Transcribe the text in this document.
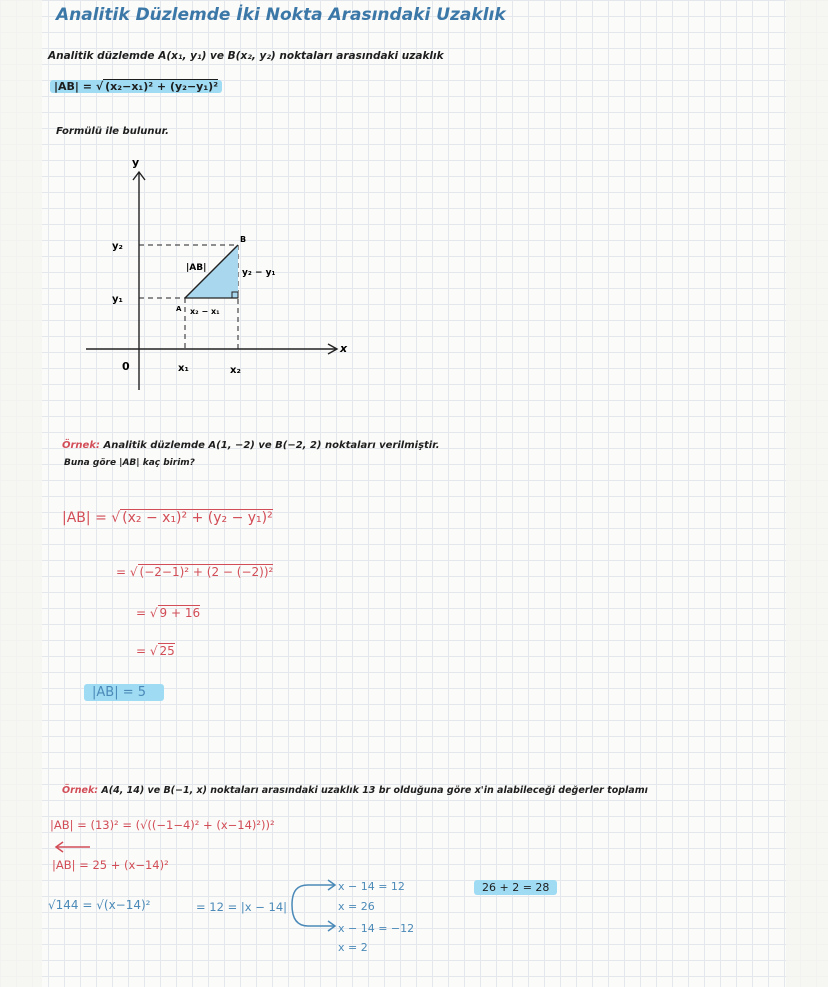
Analitik Düzlemde İki Nokta Arasındaki Uzaklık
Analitik düzlemde A(x₁, y₁) ve B(x₂, y₂) noktaları arasındaki uzaklık
|AB| = √ (x₂−x₁)² + (y₂−y₁)²
Formülü ile bulunur.
y
x
0
y₂
y₁
x₁	x₂
A
B
|AB|
x₂ − x₁
y₂ − y₁
Örnek: Analitik düzlemde A(1, −2) ve B(−2, 2) noktaları verilmiştir.
Buna göre |AB| kaç birim?
|AB| = √ (x₂ − x₁)² + (y₂ − y₁)²
= √ (−2−1)² + (2 − (−2))²
= √ 9 + 16
= √ 25
|AB| = 5
Örnek: A(4, 14) ve B(−1, x) noktaları arasındaki uzaklık 13 br olduğuna göre x'in alabileceği değerler toplamı
|AB| = (13)² = (√((−1−4)² + (x−14)²))²
|AB| = 25 + (x−14)²
√144 = √(x−14)²	= 12 = |x − 14|
x − 14 = 12
x = 26
x − 14 = −12
x = 2
26 + 2 = 28
